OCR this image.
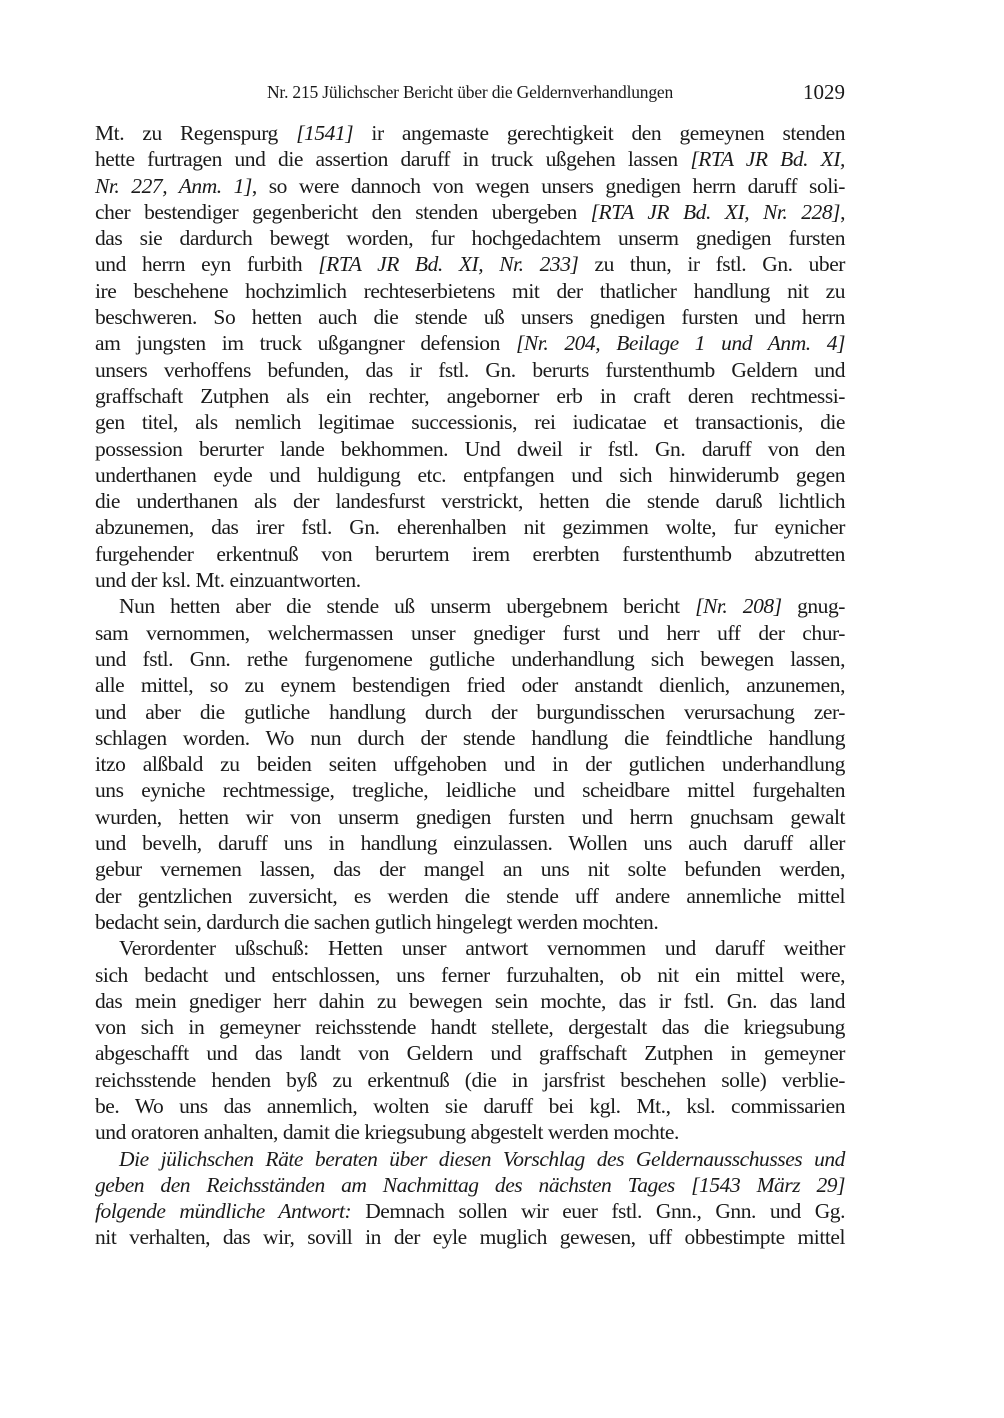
Nr. 215 Jülichscher Bericht über die Geldernverhandlungen	1029
Mt. zu Regenspurg [1541] ir angemaste gerechtigkeit den gemeynen stenden
hette furtragen und die assertion daruff in truck ußgehen lassen [RTA JR Bd. XI,
Nr. 227, Anm. 1], so were dannoch von wegen unsers gnedigen herrn daruff soli-
cher bestendiger gegenbericht den stenden ubergeben [RTA JR Bd. XI, Nr. 228],
das sie dardurch bewegt worden, fur hochgedachtem unserm gnedigen fursten
und herrn eyn furbith [RTA JR Bd. XI, Nr. 233] zu thun, ir fstl. Gn. uber
ire beschehene hochzimlich rechteserbietens mit der thatlicher handlung nit zu
beschweren. So hetten auch die stende uß unsers gnedigen fursten und herrn
am jungsten im truck ußgangner defension [Nr. 204, Beilage 1 und Anm. 4]
unsers verhoffens befunden, das ir fstl. Gn. berurts furstenthumb Geldern und
graffschaft Zutphen als ein rechter, angeborner erb in craft deren rechtmessi-
gen titel, als nemlich legitimae successionis, rei iudicatae et transactionis, die
possession berurter lande bekhommen. Und dweil ir fstl. Gn. daruff von den
underthanen eyde und huldigung etc. entpfangen und sich hinwiderumb gegen
die underthanen als der landesfurst verstrickt, hetten die stende daruß lichtlich
abzunemen, das irer fstl. Gn. eherenhalben nit gezimmen wolte, fur eynicher
furgehender erkentnuß von berurtem irem ererbten furstenthumb abzutretten
und der ksl. Mt. einzuantworten.
Nun hetten aber die stende uß unserm ubergebnem bericht [Nr. 208] gnug-
sam vernommen, welchermassen unser gnediger furst und herr uff der chur-
und fstl. Gnn. rethe furgenomene gutliche underhandlung sich bewegen lassen,
alle mittel, so zu eynem bestendigen fried oder anstandt dienlich, anzunemen,
und aber die gutliche handlung durch der burgundisschen verursachung zer-
schlagen worden. Wo nun durch der stende handlung die feindtliche handlung
itzo alßbald zu beiden seiten uffgehoben und in der gutlichen underhandlung
uns eyniche rechtmessige, tregliche, leidliche und scheidbare mittel furgehalten
wurden, hetten wir von unserm gnedigen fursten und herrn gnuchsam gewalt
und bevelh, daruff uns in handlung einzulassen. Wollen uns auch daruff aller
gebur vernemen lassen, das der mangel an uns nit solte befunden werden,
der gentzlichen zuversicht, es werden die stende uff andere annemliche mittel
bedacht sein, dardurch die sachen gutlich hingelegt werden mochten.
Verordenter ußschuß: Hetten unser antwort vernommen und daruff weither
sich bedacht und entschlossen, uns ferner furzuhalten, ob nit ein mittel were,
das mein gnediger herr dahin zu bewegen sein mochte, das ir fstl. Gn. das land
von sich in gemeyner reichsstende handt stellete, dergestalt das die kriegsubung
abgeschafft und das landt von Geldern und graffschaft Zutphen in gemeyner
reichsstende henden byß zu erkentnuß (die in jarsfrist beschehen solle) verblie-
be. Wo uns das annemlich, wolten sie daruff bei kgl. Mt., ksl. commissarien
und oratoren anhalten, damit die kriegsubung abgestelt werden mochte.
Die jülichschen Räte beraten über diesen Vorschlag des Geldernausschusses und
geben den Reichsständen am Nachmittag des nächsten Tages [1543 März 29]
folgende mündliche Antwort: Demnach sollen wir euer fstl. Gnn., Gnn. und Gg.
nit verhalten, das wir, sovill in der eyle muglich gewesen, uff obbestimpte mittel
